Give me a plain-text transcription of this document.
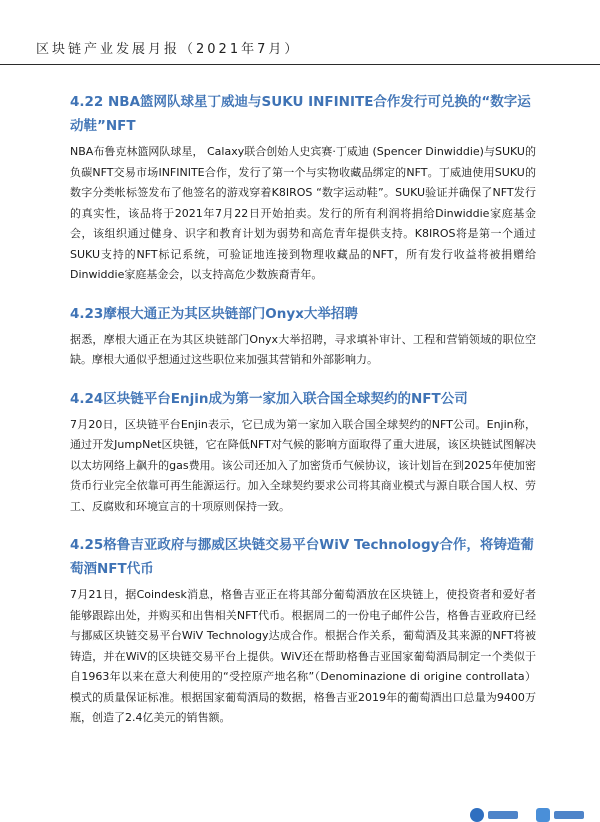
区块链产业发展月报（2021年7月）
4.22 NBA篮网队球星丁威迪与SUKU INFINITE合作发行可兑换的“数字运动鞋”NFT

NBA布鲁克林篮网队球星， Calaxy联合创始人史宾赛·丁威迪 (Spencer Dinwiddie)与SUKU的负碳NFT交易市场INFINITE合作，发行了第一个与实物收藏品绑定的NFT。丁威迪使用SUKU的数字分类帐标签发布了他签名的游戏穿着K8IROS “数字运动鞋”。SUKU验证并确保了NFT发行的真实性，该品将于2021年7月22日开始拍卖。发行的所有利润将捐给Dinwiddie家庭基金会，该组织通过健身、识字和教育计划为弱势和高危青年提供支持。K8IROS将是第一个通过SUKU支持的NFT标记系统，可验证地连接到物理收藏品的NFT，所有发行收益将被捐赠给Dinwiddie家庭基金会，以支持高危少数族裔青年。

4.23摩根大通正为其区块链部门Onyx大举招聘

据悉，摩根大通正在为其区块链部门Onyx大举招聘，寻求填补审计、工程和营销领域的职位空缺。摩根大通似乎想通过这些职位来加强其营销和外部影响力。

4.24区块链平台Enjin成为第一家加入联合国全球契约的NFT公司

7月20日，区块链平台Enjin表示，它已成为第一家加入联合国全球契约的NFT公司。Enjin称，通过开发JumpNet区块链，它在降低NFT对气候的影响方面取得了重大进展，该区块链试图解决以太坊网络上飙升的gas费用。该公司还加入了加密货币气候协议，该计划旨在到2025年使加密货币行业完全依靠可再生能源运行。加入全球契约要求公司将其商业模式与源自联合国人权、劳工、反腐败和环境宣言的十项原则保持一致。

4.25格鲁吉亚政府与挪威区块链交易平台WiV Technology合作，将铸造葡萄酒NFT代币

7月21日，据Coindesk消息，格鲁吉亚正在将其部分葡萄酒放在区块链上，使投资者和爱好者能够跟踪出处，并购买和出售相关NFT代币。根据周二的一份电子邮件公告，格鲁吉亚政府已经与挪威区块链交易平台WiV Technology达成合作。根据合作关系，葡萄酒及其来源的NFT将被铸造，并在WiV的区块链交易平台上提供。WiV还在帮助格鲁吉亚国家葡萄酒局制定一个类似于自1963年以来在意大利使用的“受控原产地名称”（Denominazione di origine controllata）模式的质量保证标准。根据国家葡萄酒局的数据，格鲁吉亚2019年的葡萄酒出口总量为9400万瓶，创造了2.4亿美元的销售额。
